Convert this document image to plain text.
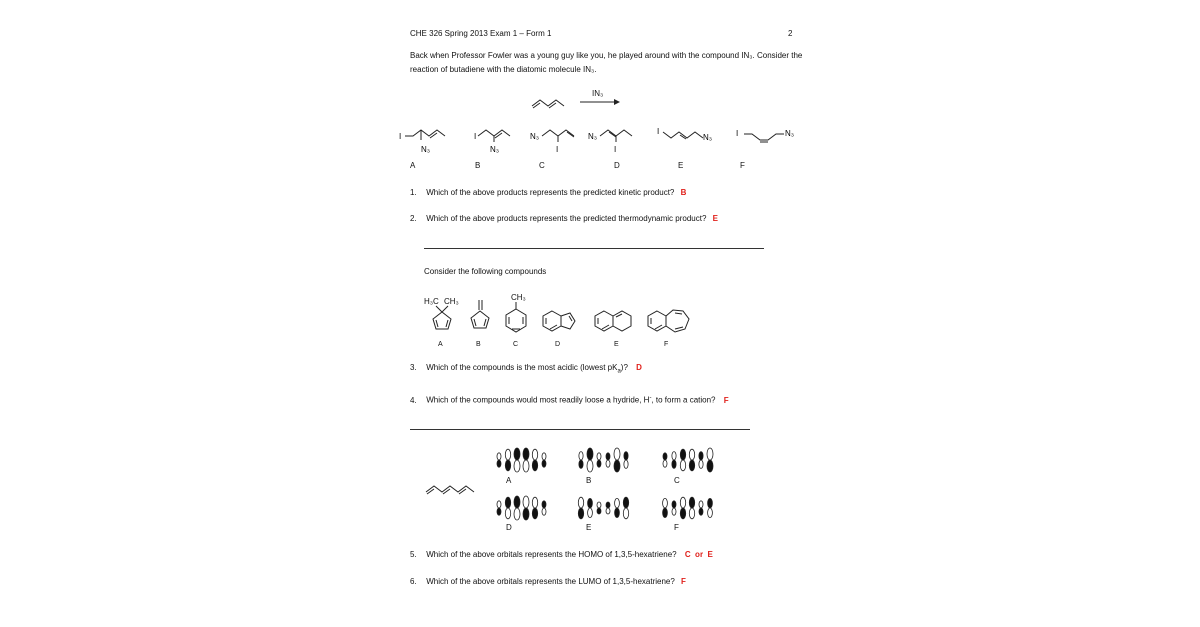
CHE 326 Spring 2013 Exam 1 – Form 1	2
Back when Professor Fowler was a young guy like you, he played around with the compound IN₃. Consider the
reaction of butadiene with the diatomic molecule IN₃.
IN₃
I
N₃
I
N₃
N₃
I
N₃
I
I
N₃	I	N₃
A	B	C	D	E	F
1. Which of the above products represents the predicted kinetic product? B
2. Which of the above products represents the predicted thermodynamic product? E
Consider the following compounds
H₃C CH₃	CH₃
A	B	C	D	E	F
3. Which of the compounds is the most acidic (lowest $pK_a$)? D
4. Which of the compounds would most readily loose a hydride, H-, to form a cation? F
A	B	C
D	E	F
5. Which of the above orbitals represents the HOMO of 1,3,5-hexatriene? C  or  E
6. Which of the above orbitals represents the LUMO of 1,3,5-hexatriene? F
